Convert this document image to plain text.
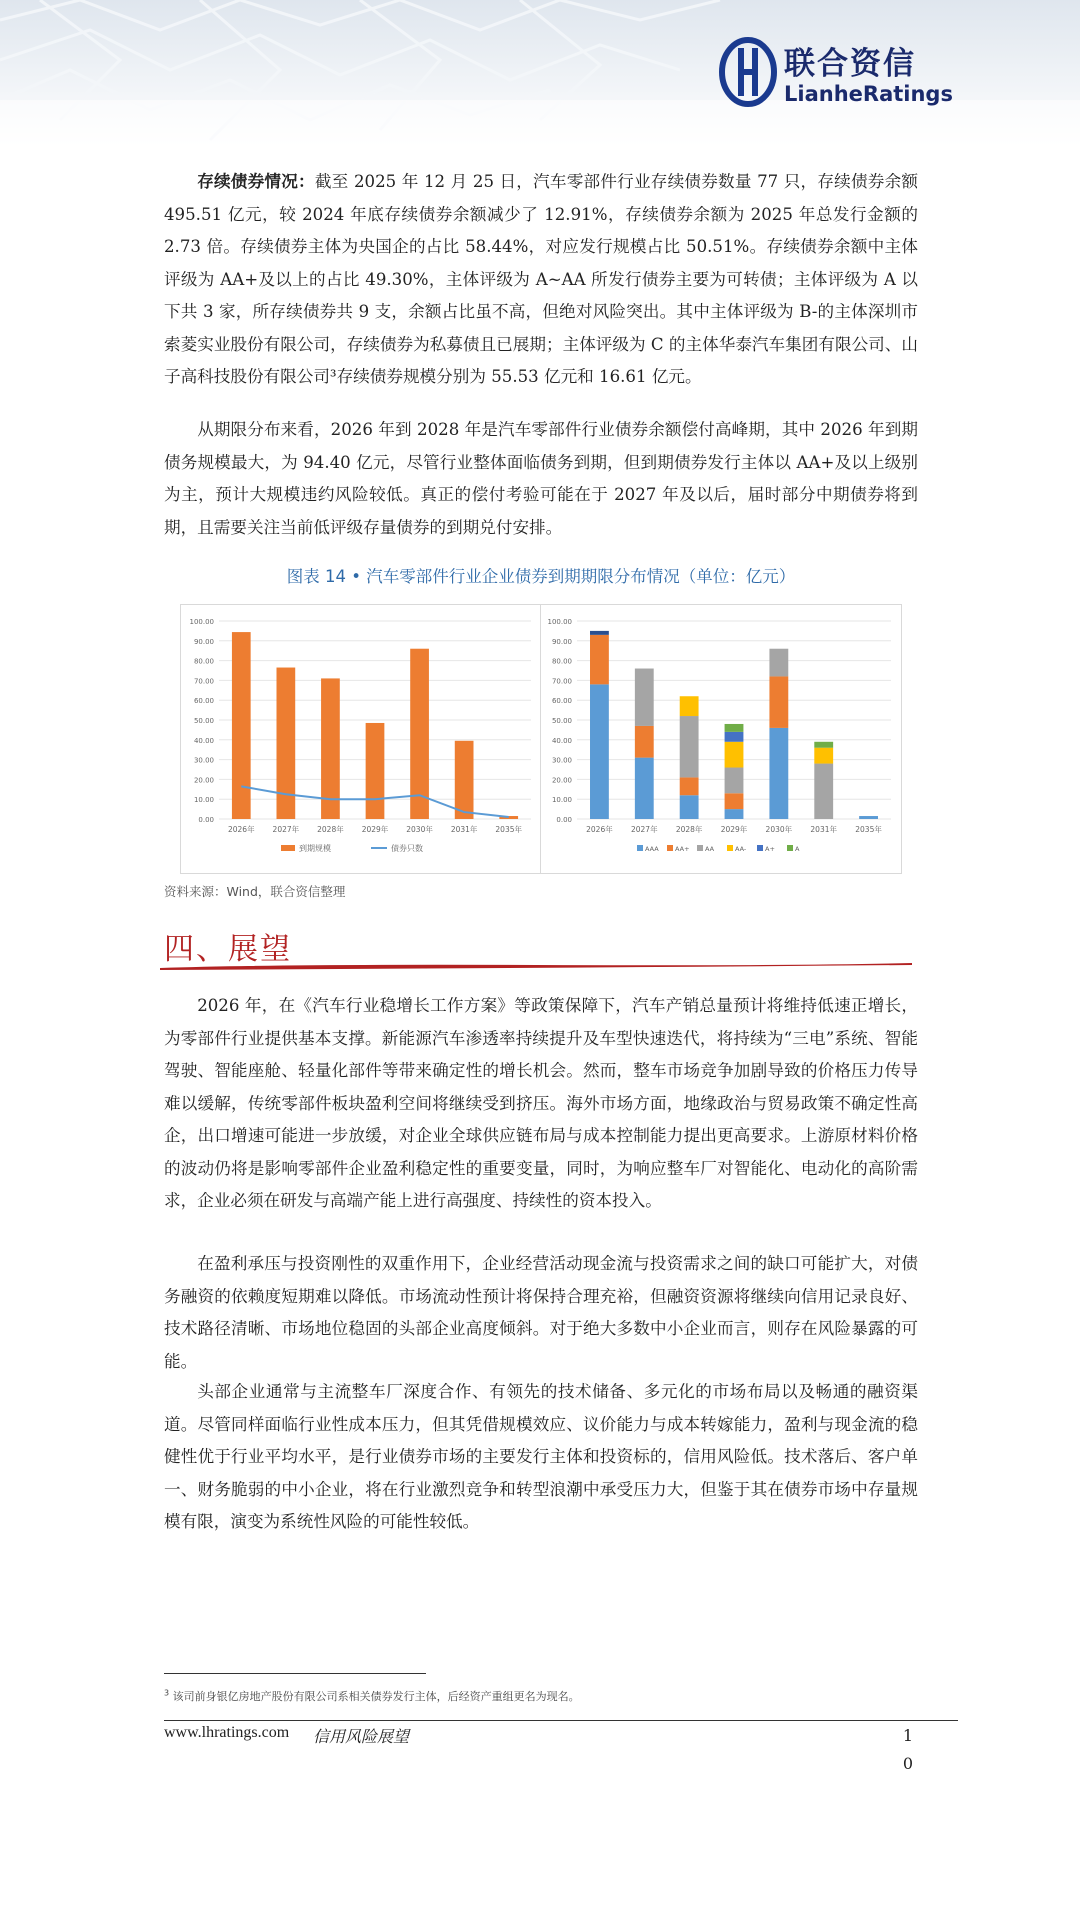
联合资信
LianheRatings

存续债券情况：截至 2025 年 12 月 25 日，汽车零部件行业存续债券数量 77 只，存续债券余额 495.51 亿元，较 2024 年底存续债券余额减少了 12.91%，存续债券余额为 2025 年总发行金额的 2.73 倍。存续债券主体为央国企的占比 58.44%，对应发行规模占比 50.51%。存续债券余额中主体评级为 AA+及以上的占比 49.30%，主体评级为 A~AA 所发行债券主要为可转债；主体评级为 A 以下共 3 家，所存续债券共 9 支，余额占比虽不高，但绝对风险突出。其中主体评级为 B-的主体深圳市索菱实业股份有限公司，存续债券为私募债且已展期；主体评级为 C 的主体华泰汽车集团有限公司、山子高科技股份有限公司³存续债券规模分别为 55.53 亿元和 16.61 亿元。

从期限分布来看，2026 年到 2028 年是汽车零部件行业债券余额偿付高峰期，其中 2026 年到期债务规模最大，为 94.40 亿元，尽管行业整体面临债务到期，但到期债券发行主体以 AA+及以上级别为主，预计大规模违约风险较低。真正的偿付考验可能在于 2027 年及以后，届时部分中期债券将到期，且需要关注当前低评级存量债券的到期兑付安排。

图表 14 • 汽车零部件行业企业债券到期期限分布情况（单位：亿元）
0.00
10.00
20.00
30.00
40.00
50.00
60.00
70.00
80.00
90.00
100.00
2026年 2027年 2028年 2029年 2030年 2031年 2035年
到期规模	债券只数
0.00
10.00
20.00
30.00
40.00
50.00
60.00
70.00
80.00
90.00
100.00
2026年 2027年 2028年 2029年 2030年 2031年 2035年
AAA	AA+ AA	AA-	A+	A
资料来源：Wind，联合资信整理
四、展望

2026 年，在《汽车行业稳增长工作方案》等政策保障下，汽车产销总量预计将维持低速正增长，为零部件行业提供基本支撑。新能源汽车渗透率持续提升及车型快速迭代，将持续为“三电”系统、智能驾驶、智能座舱、轻量化部件等带来确定性的增长机会。然而，整车市场竞争加剧导致的价格压力传导难以缓解，传统零部件板块盈利空间将继续受到挤压。海外市场方面，地缘政治与贸易政策不确定性高企，出口增速可能进一步放缓，对企业全球供应链布局与成本控制能力提出更高要求。上游原材料价格的波动仍将是影响零部件企业盈利稳定性的重要变量，同时，为响应整车厂对智能化、电动化的高阶需求，企业必须在研发与高端产能上进行高强度、持续性的资本投入。

在盈利承压与投资刚性的双重作用下，企业经营活动现金流与投资需求之间的缺口可能扩大，对债务融资的依赖度短期难以降低。市场流动性预计将保持合理充裕，但融资资源将继续向信用记录良好、技术路径清晰、市场地位稳固的头部企业高度倾斜。对于绝大多数中小企业而言，则存在风险暴露的可能。

头部企业通常与主流整车厂深度合作、有领先的技术储备、多元化的市场布局以及畅通的融资渠道。尽管同样面临行业性成本压力，但其凭借规模效应、议价能力与成本转嫁能力，盈利与现金流的稳健性优于行业平均水平，是行业债券市场的主要发行主体和投资标的，信用风险低。技术落后、客户单一、财务脆弱的中小企业，将在行业激烈竞争和转型浪潮中承受压力大，但鉴于其在债券市场中存量规模有限，演变为系统性风险的可能性较低。

$^3$ 该司前身银亿房地产股份有限公司系相关债券发行主体，后经资产重组更名为现名。
www.lhratings.com 信用风险展望	10
